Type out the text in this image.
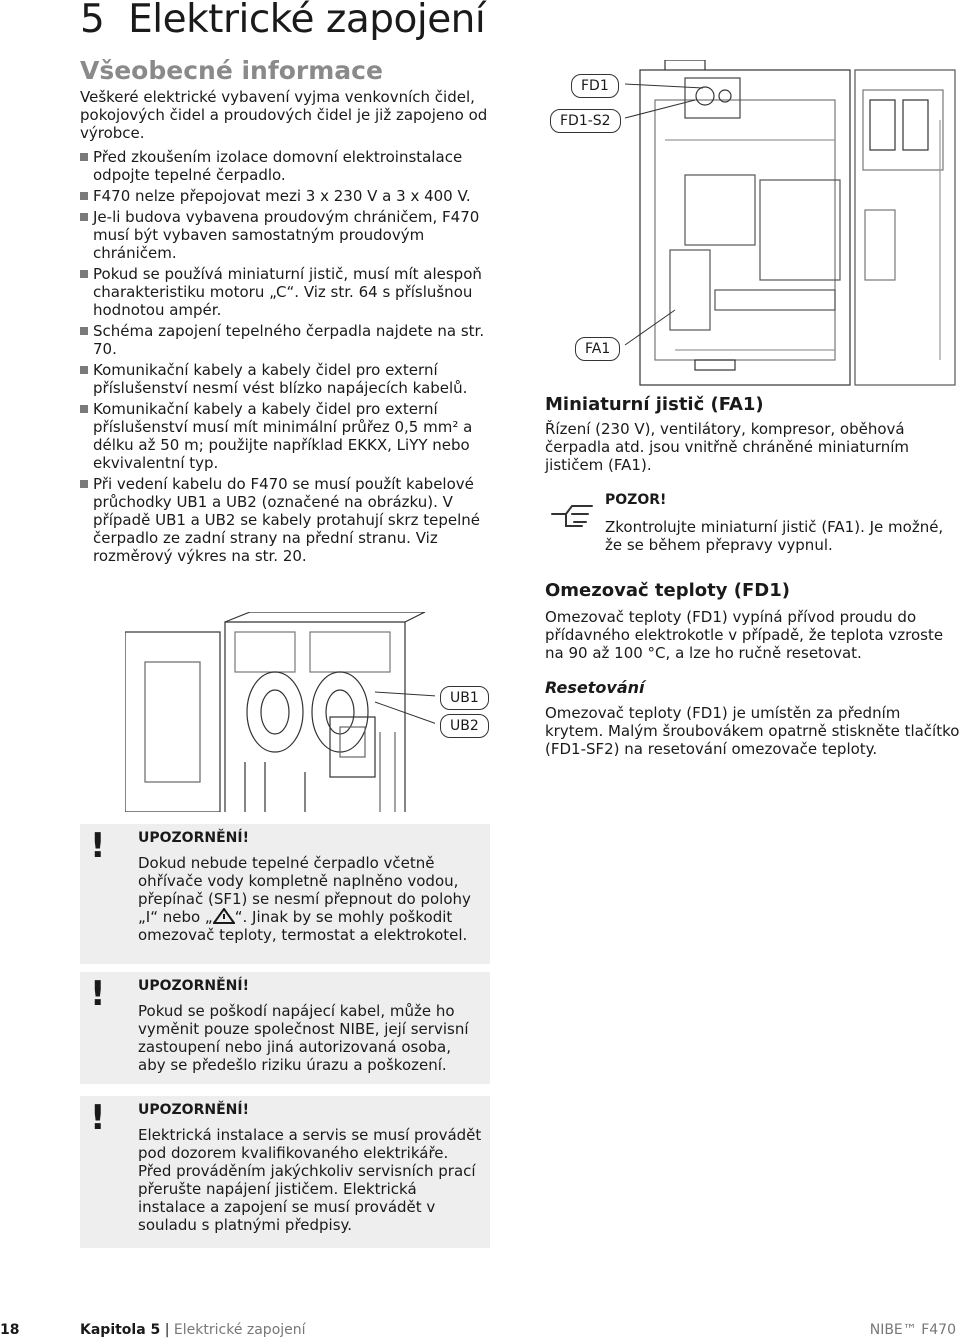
5 Elektrické zapojení
Všeobecné informace

Veškeré elektrické vybavení vyjma venkovních čidel, pokojových čidel a proudových čidel je již zapojeno od výrobce.

Před zkoušením izolace domovní elektroinstalace odpojte tepelné čerpadlo.
F470 nelze přepojovat mezi 3 x 230 V a 3 x 400 V.
Je-li budova vybavena proudovým chráničem, F470 musí být vybaven samostatným proudovým chráničem.
Pokud se používá miniaturní jistič, musí mít alespoň charakteristiku motoru „C“. Viz str. 64 s příslušnou hodnotou ampér.
Schéma zapojení tepelného čerpadla najdete na str. 70.
Komunikační kabely a kabely čidel pro externí příslušenství nesmí vést blízko napájecích kabelů.
Komunikační kabely a kabely čidel pro externí příslušenství musí mít minimální průřez 0,5 mm² a délku až 50 m; použijte například EKKX, LiYY nebo ekvivalentní typ.
Při vedení kabelu do F470 se musí použít kabelové průchodky UB1 a UB2 (označené na obrázku). V případě UB1 a UB2 se kabely protahují skrz tepelné čerpadlo ze zadní strany na přední stranu. Viz rozměrový výkres na str. 20.
FD1
FD1-S2
FA1
Miniaturní jistič (FA1)

Řízení (230 V), ventilátory, kompresor, oběhová čerpadla atd. jsou vnitřně chráněné miniaturním jističem (FA1).

POZOR!

Zkontrolujte miniaturní jistič (FA1). Je možné, že se během přepravy vypnul.

Omezovač teploty (FD1)

Omezovač teploty (FD1) vypíná přívod proudu do přídavného elektrokotle v případě, že teplota vzroste na 90 až 100 °C, a lze ho ručně resetovat.

Resetování

Omezovač teploty (FD1) je umístěn za předním krytem. Malým šroubovákem opatrně stiskněte tlačítko (FD1-SF2) na resetování omezovače teploty.

UB1
UB2
! UPOZORNĚNÍ!
Dokud nebude tepelné čerpadlo včetně ohřívače vody kompletně naplněno vodou, přepínač (SF1) se nesmí přepnout do polohy „I“ nebo „ “. Jinak by se mohly poškodit omezovač teploty, termostat a elektrokotel.
! UPOZORNĚNÍ!
Pokud se poškodí napájecí kabel, může ho vyměnit pouze společnost NIBE, její servisní zastoupení nebo jiná autorizovaná osoba, aby se předešlo riziku úrazu a poškození.
! UPOZORNĚNÍ!
Elektrická instalace a servis se musí provádět pod dozorem kvalifikovaného elektrikáře. Před prováděním jakýchkoliv servisních prací přerušte napájení jističem. Elektrická instalace a zapojení se musí provádět v souladu s platnými předpisy.
18	Kapitola 5 | Elektrické zapojení	NIBE™ F470
